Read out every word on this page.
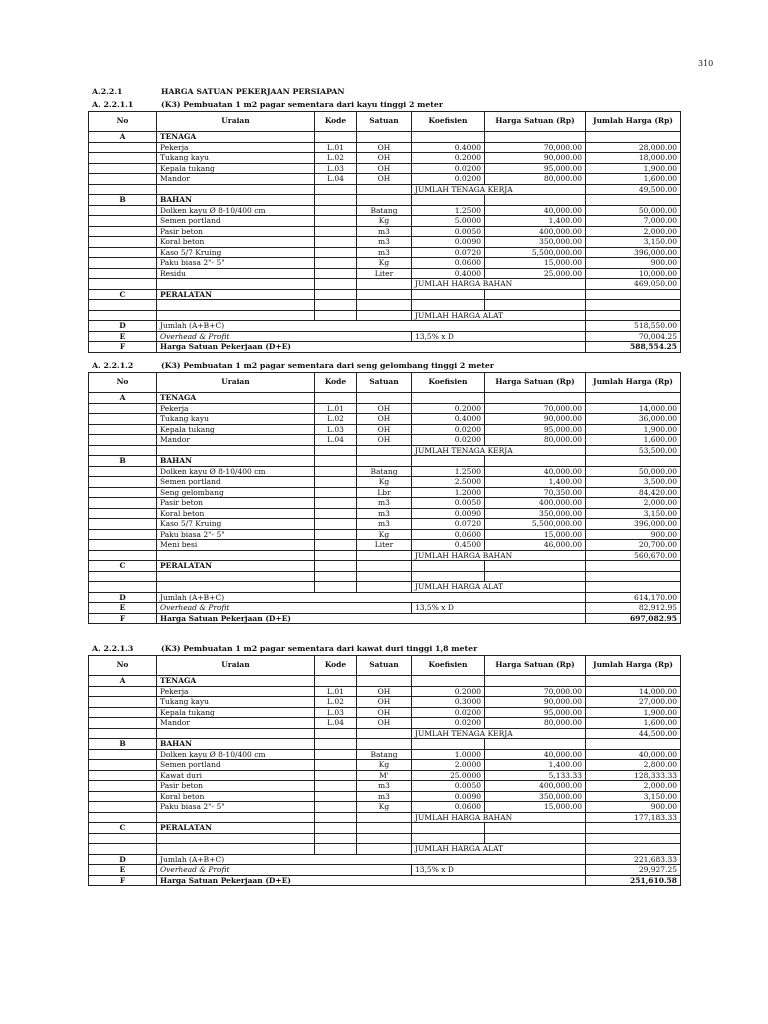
310
A.2.2.1	HARGA SATUAN PEKERJAAN PERSIAPAN
A. 2.2.1.1	(K3) Pembuatan 1 m2 pagar sementara dari kayu tinggi 2 meter
No	Uraian	Kode	Satuan	Koefisien	Harga Satuan (Rp)	Jumlah Harga (Rp)
A	TENAGA					
	Pekerja	L.01	OH	0.4000	70,000.00	28,000.00
	Tukang kayu	L.02	OH	0.2000	90,000.00	18,000.00
	Kepala tukang	L.03	OH	0.0200	95,000.00	1,900.00
	Mandor	L.04	OH	0.0200	80,000.00	1,600.00
				JUMLAH TENAGA KERJA		49,500.00
B	BAHAN					
	Dolken kayu Ø 8-10/400 cm		Batang	1.2500	40,000.00	50,000.00
	Semen portland		Kg	5.0000	1,400.00	7,000.00
	Pasir beton		m3	0.0050	400,000.00	2,000.00
	Koral beton		m3	0.0090	350,000.00	3,150.00
	Kaso 5/7 Kruing		m3	0.0720	5,500,000.00	396,000.00
	Paku biasa 2"- 5"		Kg	0.0600	15,000.00	900.00
	Residu		Liter	0.4000	25,000.00	10,000.00
				JUMLAH HARGA BAHAN		469,050.00
C	PERALATAN					

				JUMLAH HARGA ALAT		
D	Jumlah (A+B+C)					518,550.00
E	Overhead & Profit			13,5% x D		70,004.25
F	Harga Satuan Pekerjaan (D+E)					588,554.25
A. 2.2.1.2	(K3) Pembuatan 1 m2 pagar sementara dari seng gelombang tinggi 2 meter
No	Uraian	Kode	Satuan	Koefisien	Harga Satuan (Rp)	Jumlah Harga (Rp)
A	TENAGA					
	Pekerja	L.01	OH	0.2000	70,000.00	14,000.00
	Tukang kayu	L.02	OH	0.4000	90,000.00	36,000.00
	Kepala tukang	L.03	OH	0.0200	95,000.00	1,900.00
	Mandor	L.04	OH	0.0200	80,000.00	1,600.00
				JUMLAH TENAGA KERJA		53,500.00
B	BAHAN					
	Dolken kayu Ø 8-10/400 cm		Batang	1.2500	40,000.00	50,000.00
	Semen portland		Kg	2.5000	1,400.00	3,500.00
	Seng gelombang		Lbr	1.2000	70,350.00	84,420.00
	Pasir beton		m3	0.0050	400,000.00	2,000.00
	Koral beton		m3	0.0090	350,000.00	3,150.00
	Kaso 5/7 Kruing		m3	0.0720	5,500,000.00	396,000.00
	Paku biasa 2"- 5"		Kg	0.0600	15,000.00	900.00
	Meni besi		Liter	0.4500	46,000.00	20,700.00
				JUMLAH HARGA BAHAN		560,670.00
C	PERALATAN					

				JUMLAH HARGA ALAT		
D	Jumlah (A+B+C)					614,170.00
E	Overhead & Profit			13,5% x D		82,912.95
F	Harga Satuan Pekerjaan (D+E)					697,082.95
A. 2.2.1.3	(K3) Pembuatan 1 m2 pagar sementara dari kawat duri tinggi 1,8 meter
No	Uraian	Kode	Satuan	Koefisien	Harga Satuan (Rp)	Jumlah Harga (Rp)
A	TENAGA					
	Pekerja	L.01	OH	0.2000	70,000.00	14,000.00
	Tukang kayu	L.02	OH	0.3000	90,000.00	27,000.00
	Kepala tukang	L.03	OH	0.0200	95,000.00	1,900.00
	Mandor	L.04	OH	0.0200	80,000.00	1,600.00
				JUMLAH TENAGA KERJA		44,500.00
B	BAHAN					
	Dolken kayu Ø 8-10/400 cm		Batang	1.0000	40,000.00	40,000.00
	Semen portland		Kg	2.0000	1,400.00	2,800.00
	Kawat duri		M'	25.0000	5,133.33	128,333.33
	Pasir beton		m3	0.0050	400,000.00	2,000.00
	Koral beton		m3	0.0090	350,000.00	3,150.00
	Paku biasa 2"- 5"		Kg	0.0600	15,000.00	900.00
				JUMLAH HARGA BAHAN		177,183.33
C	PERALATAN					

				JUMLAH HARGA ALAT		
D	Jumlah (A+B+C)					221,683.33
E	Overhead & Profit			13,5% x D		29,927.25
F	Harga Satuan Pekerjaan (D+E)					251,610.58
